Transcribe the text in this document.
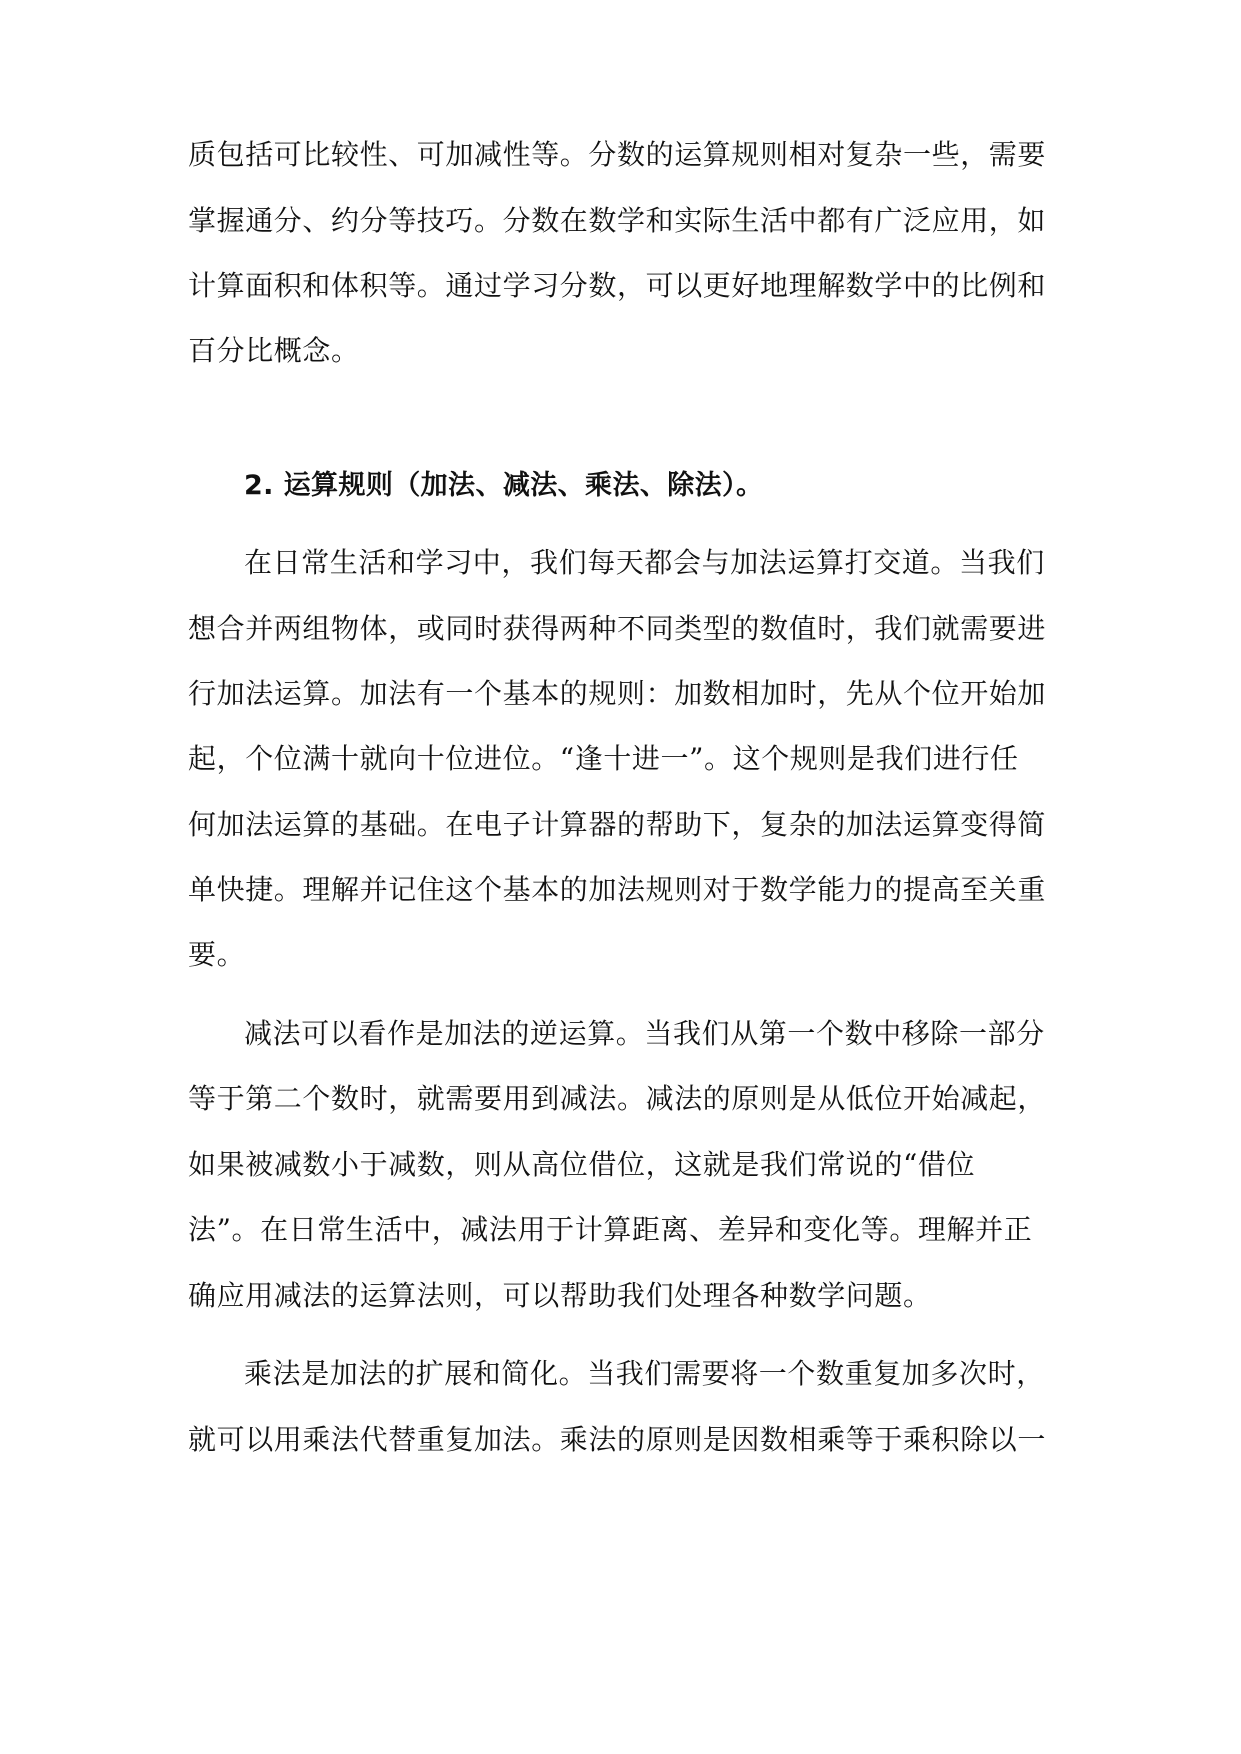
质包括可比较性、可加减性等。分数的运算规则相对复杂一些，需要
掌握通分、约分等技巧。分数在数学和实际生活中都有广泛应用，如
计算面积和体积等。通过学习分数，可以更好地理解数学中的比例和
百分比概念。
2. 运算规则（加法、减法、乘法、除法）。
在日常生活和学习中，我们每天都会与加法运算打交道。当我们
想合并两组物体，或同时获得两种不同类型的数值时，我们就需要进
行加法运算。加法有一个基本的规则：加数相加时，先从个位开始加
起，个位满十就向十位进位。“逢十进一”。这个规则是我们进行任
何加法运算的基础。在电子计算器的帮助下，复杂的加法运算变得简
单快捷。理解并记住这个基本的加法规则对于数学能力的提高至关重
要。
减法可以看作是加法的逆运算。当我们从第一个数中移除一部分
等于第二个数时，就需要用到减法。减法的原则是从低位开始减起，
如果被减数小于减数，则从高位借位，这就是我们常说的“借位
法”。在日常生活中，减法用于计算距离、差异和变化等。理解并正
确应用减法的运算法则，可以帮助我们处理各种数学问题。
乘法是加法的扩展和简化。当我们需要将一个数重复加多次时，
就可以用乘法代替重复加法。乘法的原则是因数相乘等于乘积除以一
